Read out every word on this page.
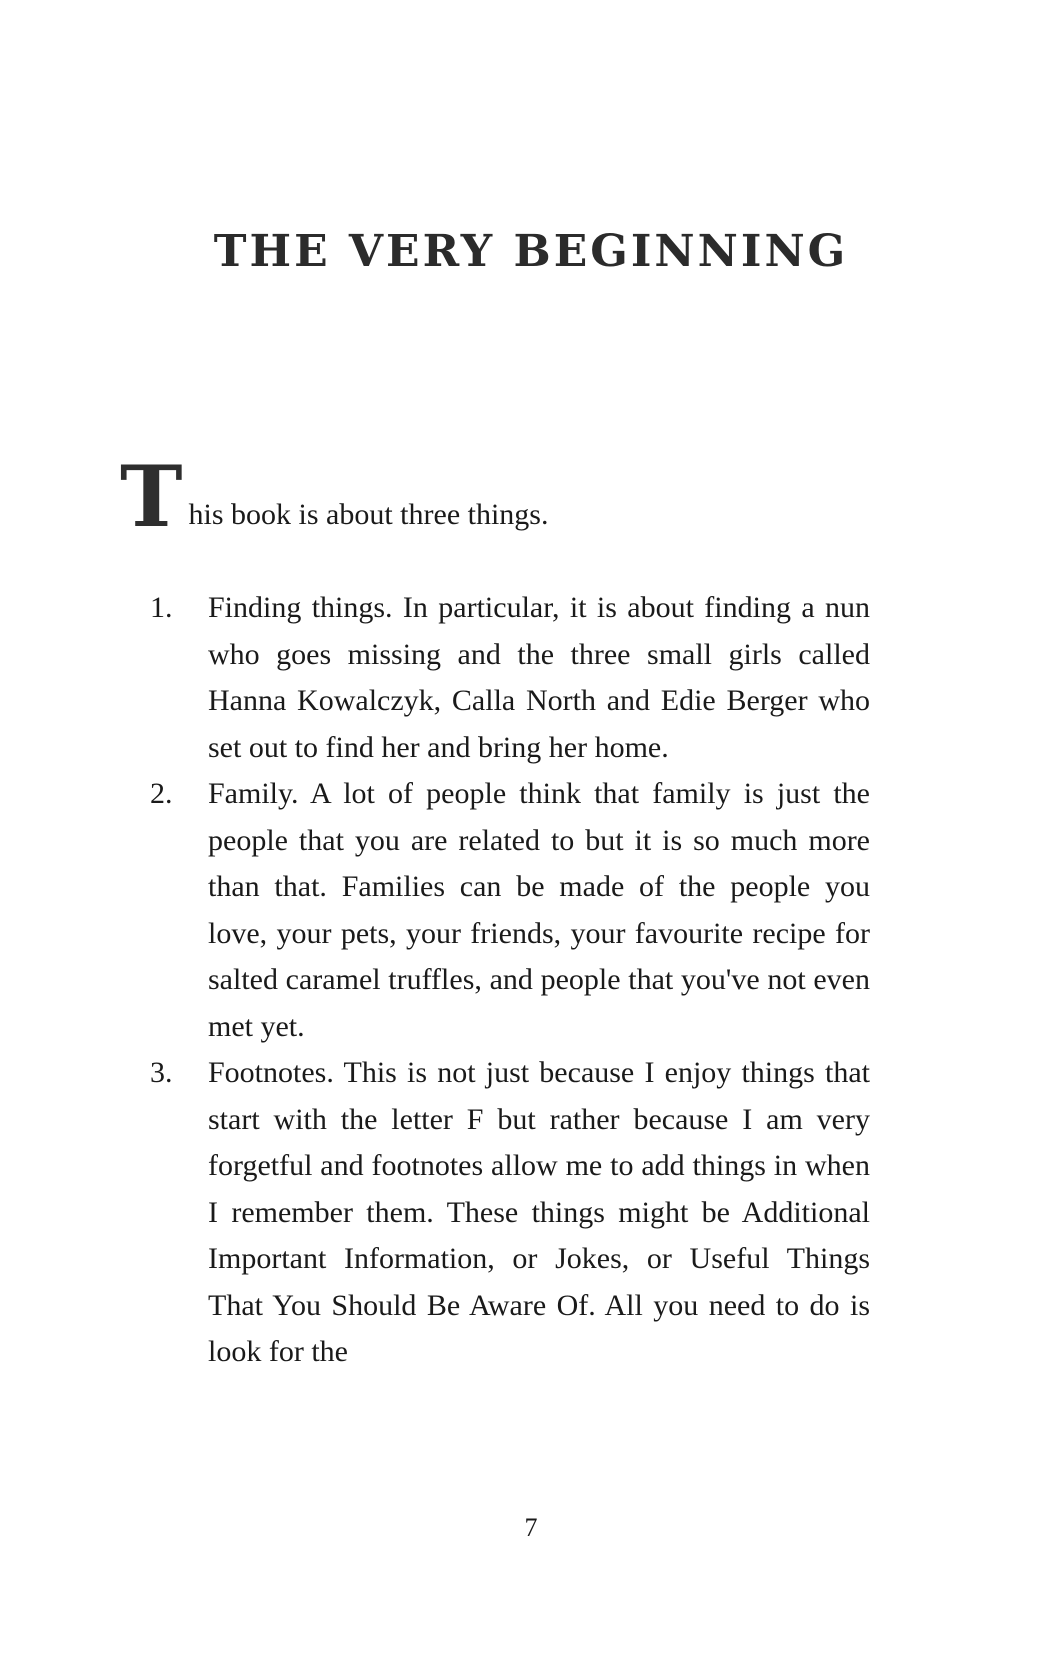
THE VERY BEGINNING
T his book is about three things.
1.	Finding things. In particular, it is about finding a nun who goes missing and the three small girls called Hanna Kowalczyk, Calla North and Edie Berger who set out to find her and bring her home.
2.	Family. A lot of people think that family is just the people that you are related to but it is so much more than that. Families can be made of the people you love, your pets, your friends, your favourite recipe for salted caramel truffles, and people that you've not even met yet.
3.	Footnotes. This is not just because I enjoy things that start with the letter F but rather because I am very forgetful and footnotes allow me to add things in when I remember them. These things might be Additional Important Information, or Jokes, or Useful Things That You Should Be Aware Of. All you need to do is look for the
7
